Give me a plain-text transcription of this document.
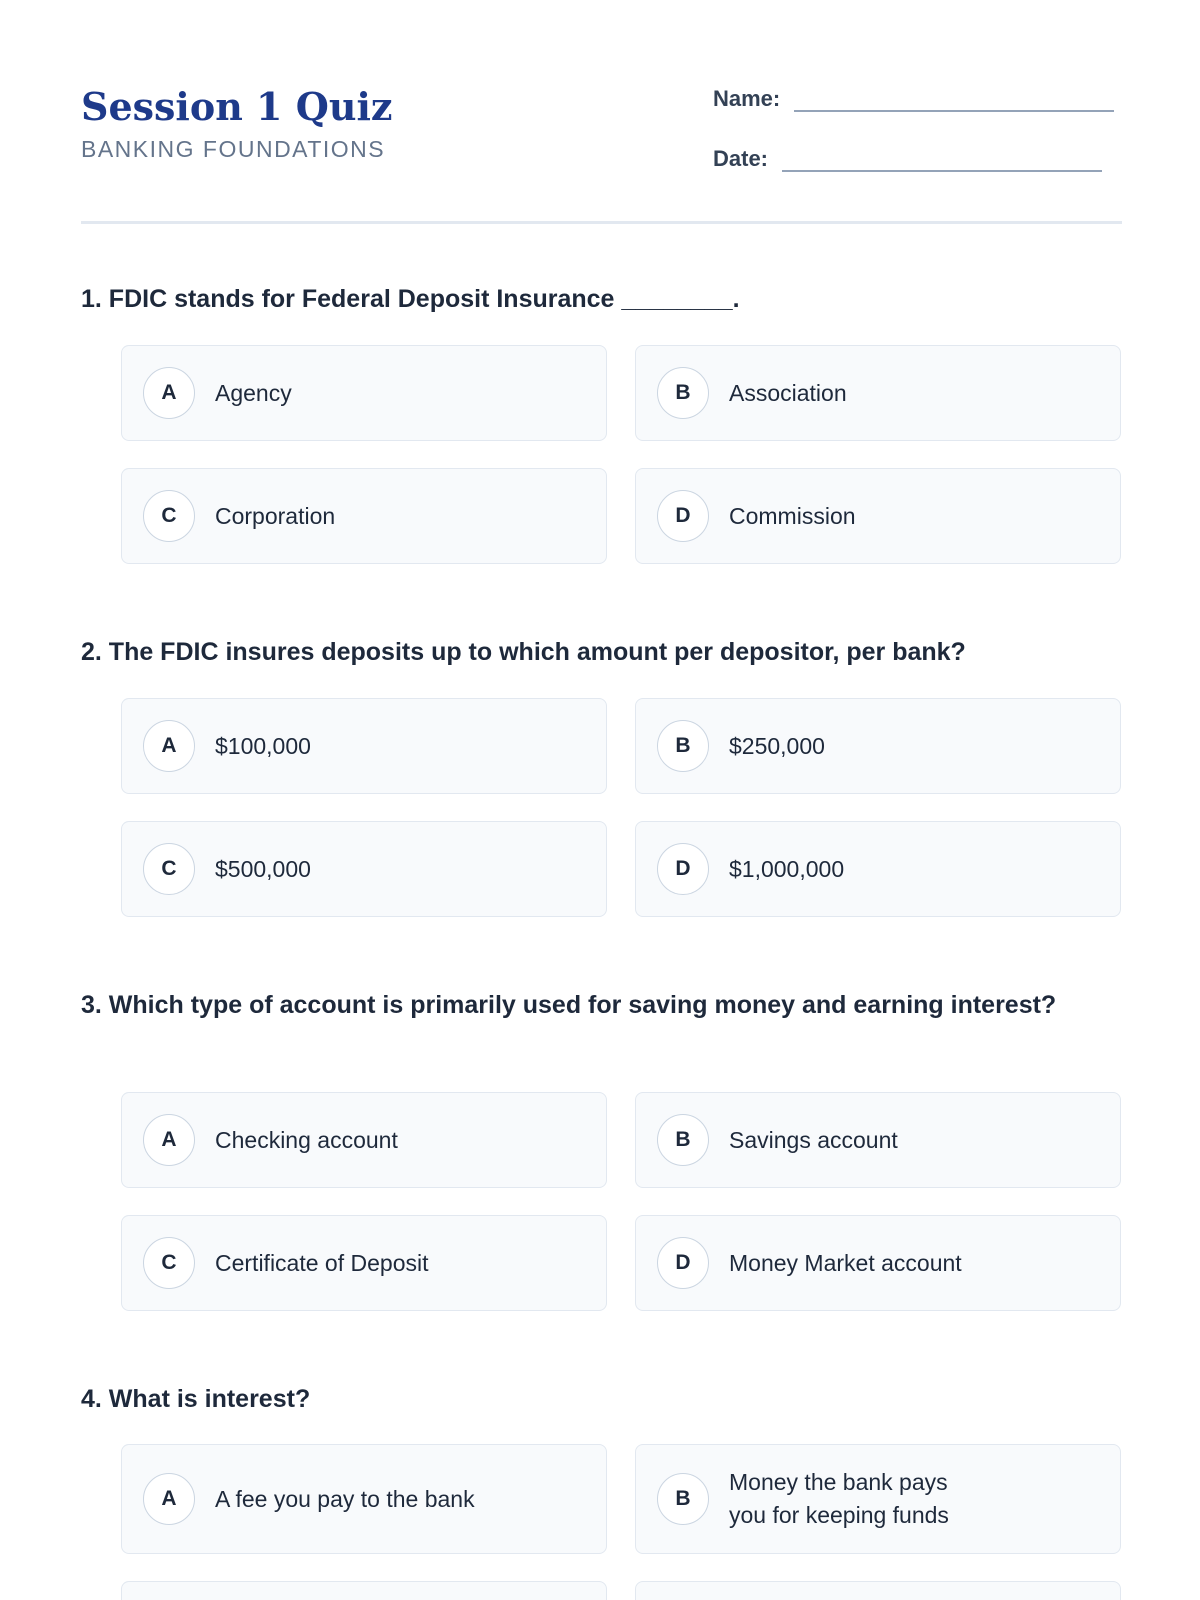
Session 1 Quiz
BANKING FOUNDATIONS
Name:
Date:
1. FDIC stands for Federal Deposit Insurance ________.
A	Agency	B	Association
C	Corporation	D	Commission
2. The FDIC insures deposits up to which amount per depositor, per bank?
A	$100,000	B	$250,000
C	$500,000	D	$1,000,000
3. Which type of account is primarily used for saving money and earning interest?
A	Checking account	B	Savings account
C	Certificate of Deposit	D	Money Market account
4. What is interest?
A	A fee you pay to the bank	B
Money the bank pays you for keeping funds
